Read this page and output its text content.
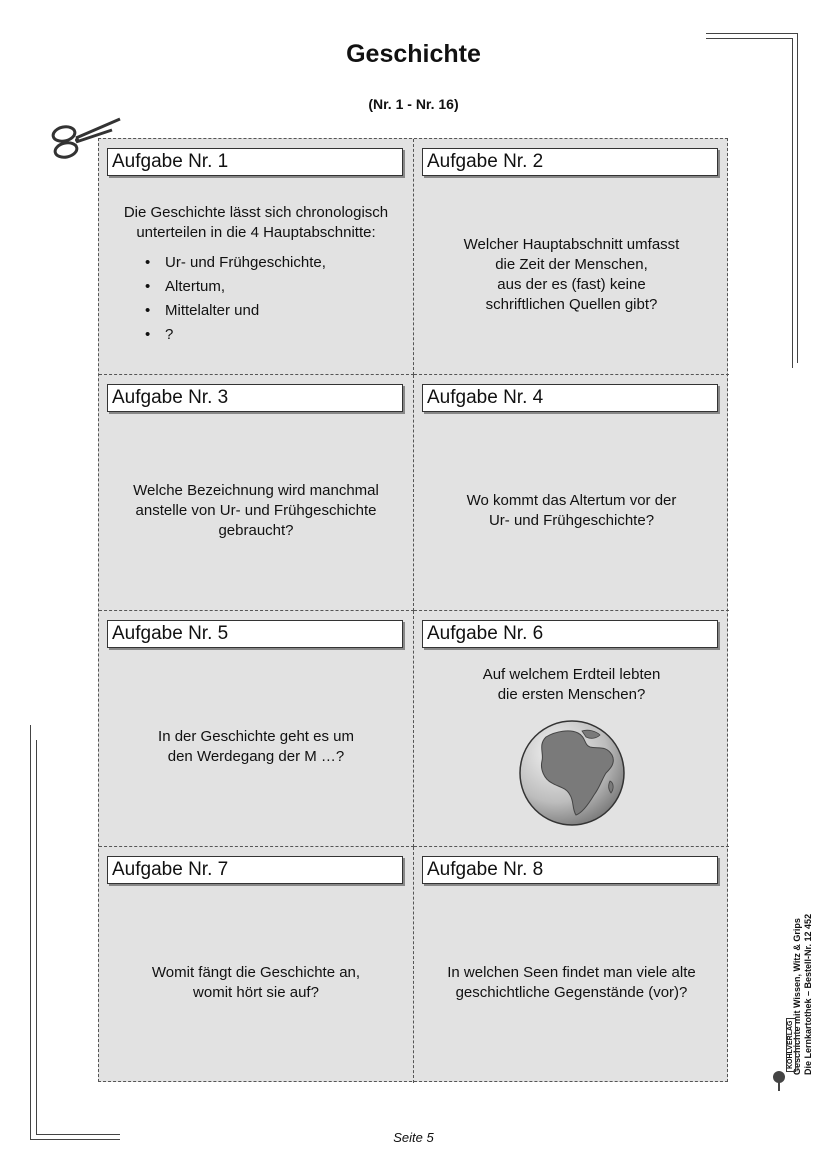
Geschichte
(Nr. 1 - Nr. 16)
Aufgabe Nr. 1
Die Geschichte lässt sich chronologisch
unterteilen in die 4 Hauptabschnitte:
• Ur- und Frühgeschichte,
• Altertum,
• Mittelalter und
• ?
Aufgabe Nr. 2
Welcher Hauptabschnitt umfasst
die Zeit der Menschen,
aus der es (fast) keine
schriftlichen Quellen gibt?
Aufgabe Nr. 3
Welche Bezeichnung wird manchmal
anstelle von Ur- und Frühgeschichte
gebraucht?
Aufgabe Nr. 4
Wo kommt das Altertum vor der
Ur- und Frühgeschichte?
Aufgabe Nr. 5
In der Geschichte geht es um
den Werdegang der M …?
Aufgabe Nr. 6
Auf welchem Erdteil lebten
die ersten Menschen?
Aufgabe Nr. 7
Womit fängt die Geschichte an,
womit hört sie auf?
Aufgabe Nr. 8
In welchen Seen findet man viele alte
geschichtliche Gegenstände (vor)?	Geschichte mit Wissen, Witz & Grips Die Lernkartothek – Bestell-Nr. 12 452
KOHLVERLAG
Seite 5
